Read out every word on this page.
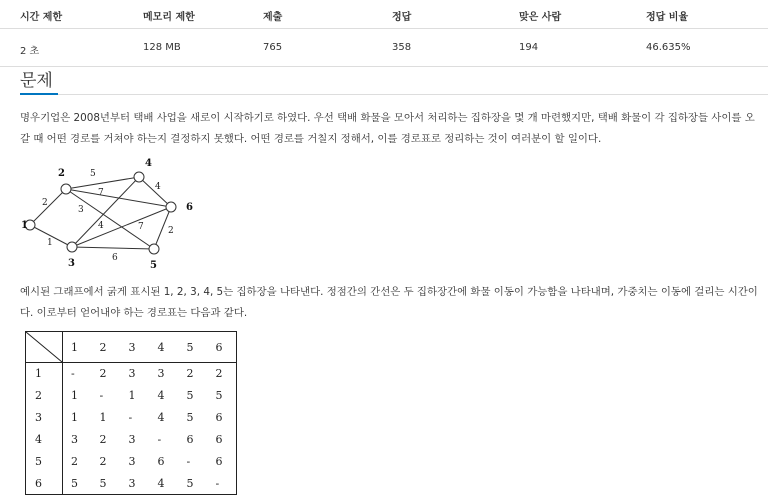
시간 제한	메모리 제한	제출	정답	맞은 사람	정답 비율
2 초	128 MB	765	358	194	46.635%
문제

명우기업은 2008년부터 택배 사업을 새로이 시작하기로 하였다. 우선 택배 화물을 모아서 처리하는 집하장을 몇 개 마련했지만, 택배 화물이 각 집하장들 사이를 오갈 때 어떤 경로를 거쳐야 하는지 결정하지 못했다. 어떤 경로를 거칠지 정해서, 이를 경로표로 정리하는 것이 여러분이 할 일이다.

2
1
5
3
7
4
6
7
4
2
1
2
3
4
5
6

예시된 그래프에서 굵게 표시된 1, 2, 3, 4, 5는 집하장을 나타낸다. 정점간의 간선은 두 집하장간에 화물 이동이 가능함을 나타내며, 가중치는 이동에 걸리는 시간이다. 이로부터 얻어내야 하는 경로표는 다음과 같다.

	1	2	3	4	5	6
1	-	2	3	3	2	2
2	1	-	1	4	5	5
3	1	1	-	4	5	6
4	3	2	3	-	6	6
5	2	2	3	6	-	6
6	5	5	3	4	5	-
